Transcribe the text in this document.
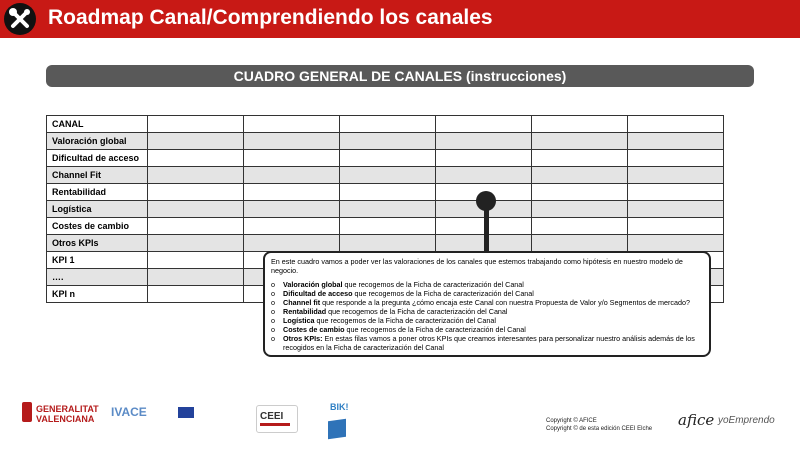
Roadmap Canal/Comprendiendo los canales
CUADRO GENERAL DE CANALES (instrucciones)
CANAL						
Valoración global						
Dificultad de acceso						
Channel Fit						
Rentabilidad						
Logística						
Costes de cambio						
Otros KPIs						
KPI 1						
….						
KPI n						

En este cuadro vamos a poder ver las valoraciones de los canales que estemos trabajando como hipótesis en nuestro modelo de negocio.

o Valoración global que recogemos de la Ficha de caracterización del Canal
o Dificultad de acceso que recogemos de la Ficha de caracterización del Canal
o Channel fit que responde a la pregunta ¿cómo encaja este Canal con nuestra Propuesta de Valor y/o Segmentos de mercado?
o Rentabilidad que recogemos de la Ficha de caracterización del Canal
o Logística que recogemos de la Ficha de caracterización del Canal
o Costes de cambio que recogemos de la Ficha de caracterización del Canal
o Otros KPIs: En estas filas vamos a poner otros KPIs que creamos interesantes para personalizar nuestro análisis además de los recogidos en la Ficha de caracterización del Canal
GENERALITAT
VALENCIANA	IVACE	CEEI
BIK!
Copyright © AFICE
Copyright © de esta edición CEEI Elche afice yoEmprendo
